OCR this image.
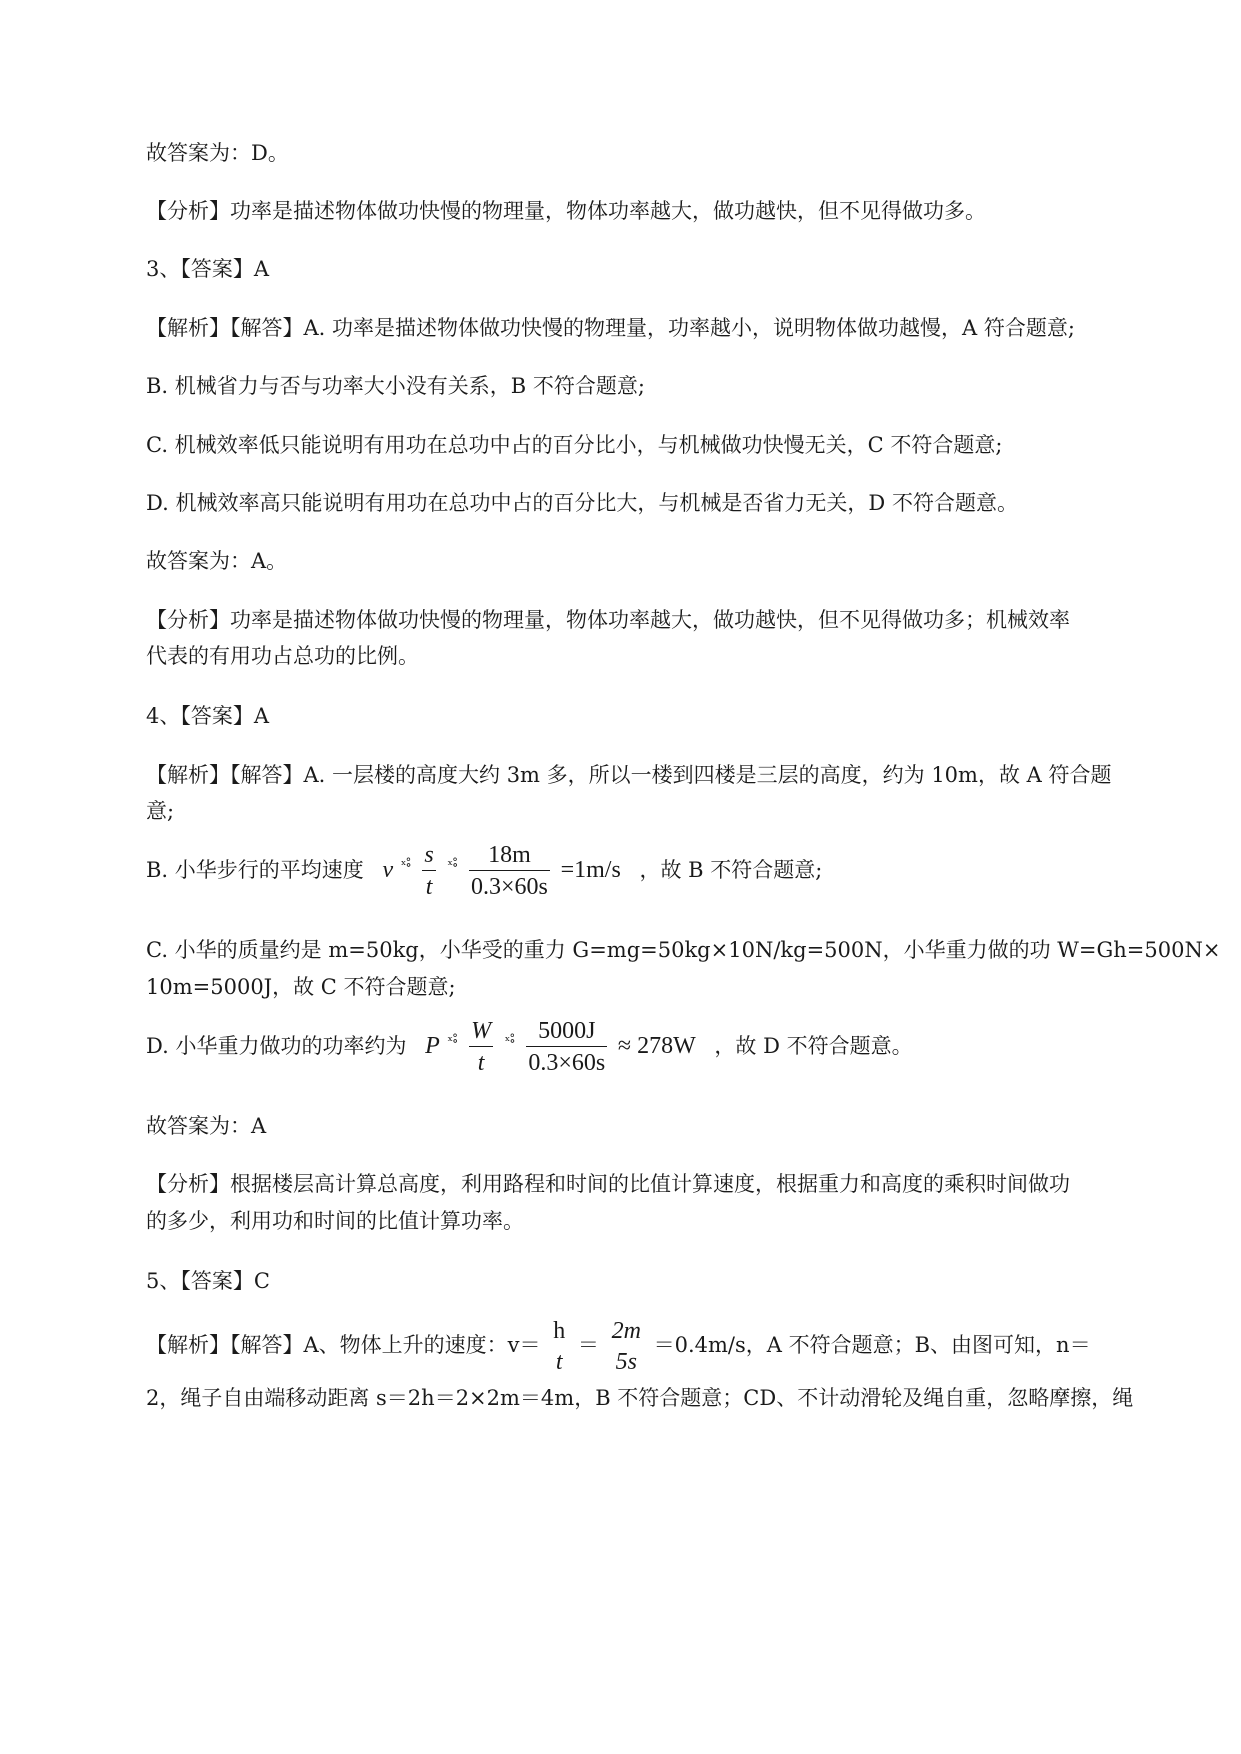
故答案为：D。
【分析】功率是描述物体做功快慢的物理量，物体功率越大，做功越快，但不见得做功多。
3、【答案】A
【解析】【解答】A. 功率是描述物体做功快慢的物理量，功率越小，说明物体做功越慢，A 符合题意;
B. 机械省力与否与功率大小没有关系，B 不符合题意;
C. 机械效率低只能说明有用功在总功中占的百分比小，与机械做功快慢无关，C 不符合题意;
D. 机械效率高只能说明有用功在总功中占的百分比大，与机械是否省力无关，D 不符合题意。
故答案为：A。
【分析】功率是描述物体做功快慢的物理量，物体功率越大，做功越快，但不见得做功多；机械效率
代表的有用功占总功的比例。
4、【答案】A
【解析】【解答】A. 一层楼的高度大约 3m 多，所以一楼到四楼是三层的高度，约为 10m，故 A 符合题
意;
B. 小华步行的平均速度 v $^{ˣ\circ̊} \frac{s}{t} ^{ˣ\circ̊} \frac{18m}{0.3\times 60s} =1m/s$ ，故 B 不符合题意;
C. 小华的质量约是 m=50kg，小华受的重力 G=mg=50kg×10N/kg=500N，小华重力做的功 W=Gh=500N×
10m=5000J，故 C 不符合题意;
D. 小华重力做功的功率约为 P $^{ˣ\circ̊} \frac{W}{t} ^{ˣ\circ̊} \frac{5000J}{0.3\times 60s} \approx 278W$ ，故 D 不符合题意。
故答案为：A
【分析】根据楼层高计算总高度，利用路程和时间的比值计算速度，根据重力和高度的乘积时间做功
的多少，利用功和时间的比值计算功率。
5、【答案】C
【解析】【解答】A、物体上升的速度：v＝
h
t
＝
2m
5s
＝0.4m/s，A 不符合题意；B、由图可知，n＝
2，绳子自由端移动距离 s＝2h＝2×2m＝4m，B 不符合题意；CD、不计动滑轮及绳自重，忽略摩擦，绳
